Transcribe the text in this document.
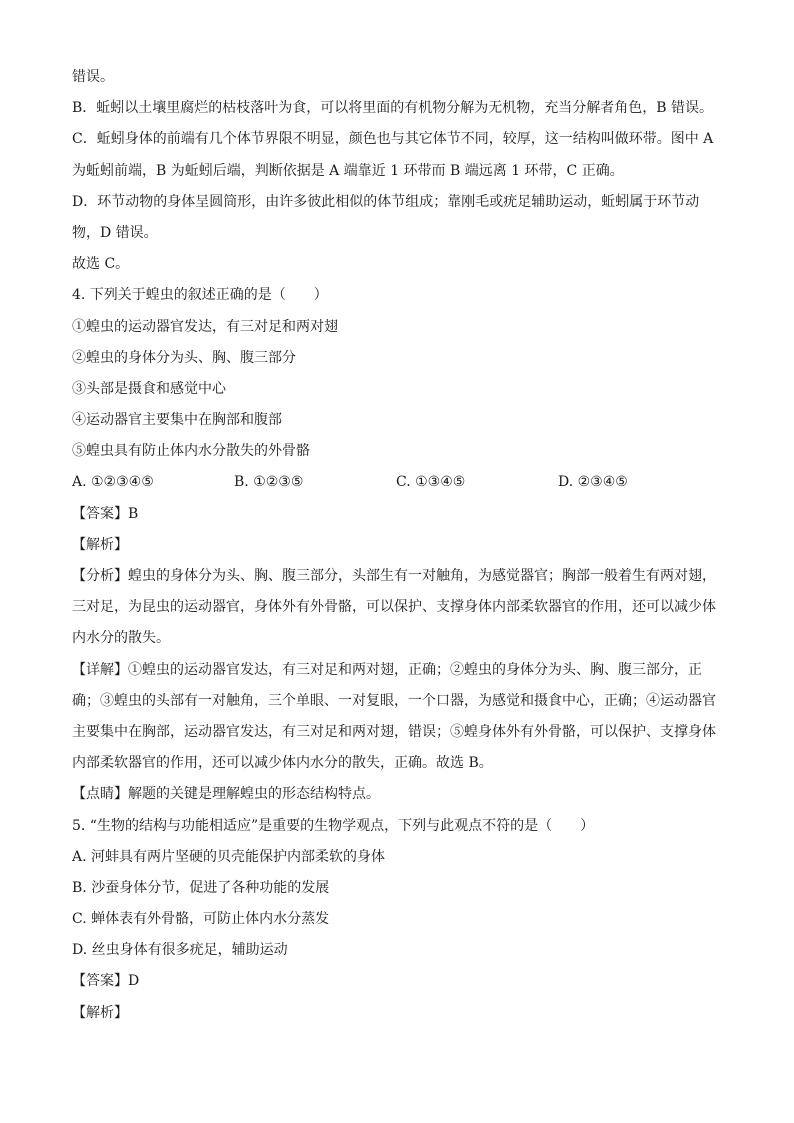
错误。
B．蚯蚓以土壤里腐烂的枯枝落叶为食，可以将里面的有机物分解为无机物，充当分解者角色，B 错误。
C．蚯蚓身体的前端有几个体节界限不明显，颜色也与其它体节不同，较厚，这一结构叫做环带。图中 A
为蚯蚓前端，B 为蚯蚓后端，判断依据是 A 端靠近 1 环带而 B 端远离 1 环带，C 正确。
D．环节动物的身体呈圆筒形，由许多彼此相似的体节组成；靠刚毛或疣足辅助运动，蚯蚓属于环节动
物，D 错误。
故选 C。
4. 下列关于蝗虫的叙述正确的是（　　）
①蝗虫的运动器官发达，有三对足和两对翅
②蝗虫的身体分为头、胸、腹三部分
③头部是摄食和感觉中心
④运动器官主要集中在胸部和腹部
⑤蝗虫具有防止体内水分散失的外骨骼
A. ①②③④⑤	B. ①②③⑤	C. ①③④⑤	D. ②③④⑤
【答案】B
【解析】
【分析】蝗虫的身体分为头、胸、腹三部分，头部生有一对触角，为感觉器官；胸部一般着生有两对翅，
三对足，为昆虫的运动器官，身体外有外骨骼，可以保护、支撑身体内部柔软器官的作用，还可以减少体
内水分的散失。
【详解】①蝗虫的运动器官发达，有三对足和两对翅，正确；②蝗虫的身体分为头、胸、腹三部分，正
确；③蝗虫的头部有一对触角，三个单眼、一对复眼，一个口器，为感觉和摄食中心，正确；④运动器官
主要集中在胸部，运动器官发达，有三对足和两对翅，错误；⑤蝗身体外有外骨骼，可以保护、支撑身体
内部柔软器官的作用，还可以减少体内水分的散失，正确。故选 B。
【点睛】解题的关键是理解蝗虫的形态结构特点。
5. “生物的结构与功能相适应”是重要的生物学观点，下列与此观点不符的是（　　）
A. 河蚌具有两片坚硬的贝壳能保护内部柔软的身体
B. 沙蚕身体分节，促进了各种功能的发展
C. 蝉体表有外骨骼，可防止体内水分蒸发
D. 丝虫身体有很多疣足，辅助运动
【答案】D
【解析】
